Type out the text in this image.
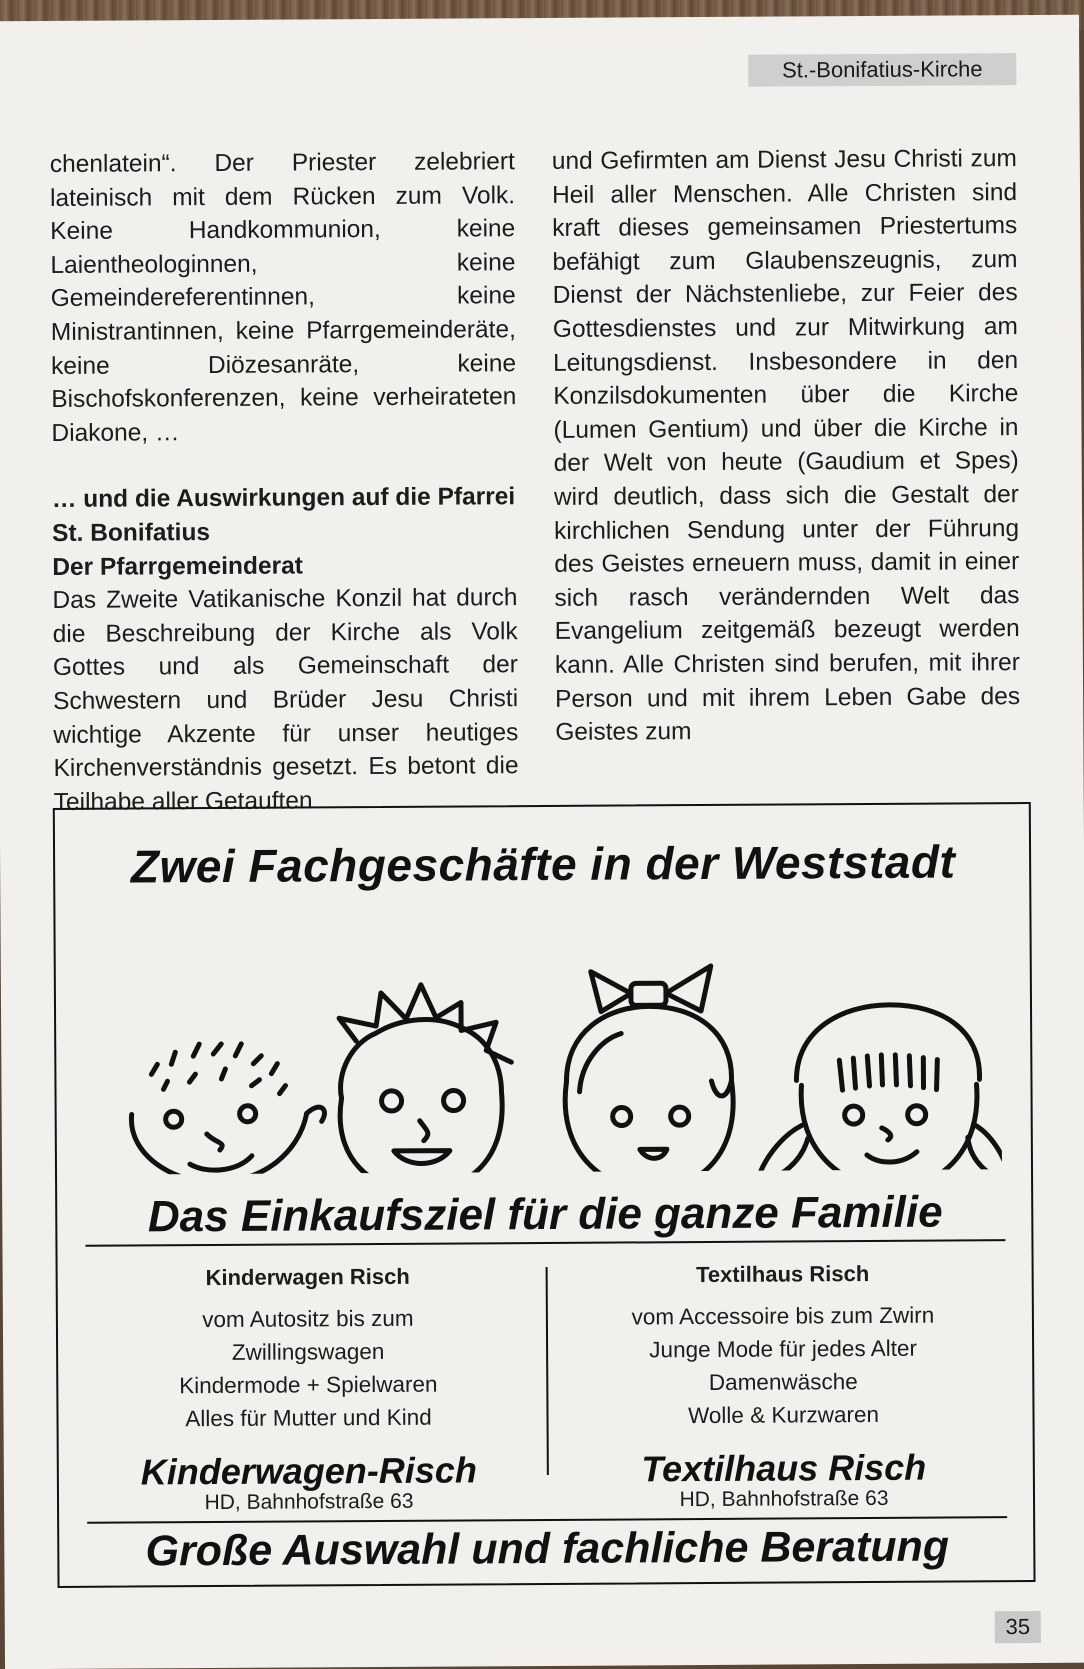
St.-Bonifatius-Kirche

chenlatein“. Der Priester zelebriert lateinisch mit dem Rücken zum Volk. Keine Handkommunion, keine Laientheologinnen, keine Gemeindereferentinnen, keine Ministrantinnen, keine Pfarrgemeinderäte, keine Diözesanräte, keine Bischofskonferenzen, keine verheirateten Diakone, …

… und die Auswirkungen auf die Pfarrei St. Bonifatius
Der Pfarrgemeinderat

Das Zweite Vatikanische Konzil hat durch die Beschreibung der Kirche als Volk Gottes und als Gemeinschaft der Schwestern und Brüder Jesu Christi wichtige Akzente für unser heutiges Kirchenverständnis gesetzt. Es betont die Teilhabe aller Getauften

und Gefirmten am Dienst Jesu Christi zum Heil aller Menschen. Alle Christen sind kraft dieses gemeinsamen Priestertums befähigt zum Glaubenszeugnis, zum Dienst der Nächstenliebe, zur Feier des Gottesdienstes und zur Mitwirkung am Leitungsdienst. Insbesondere in den Konzilsdokumenten über die Kirche (Lumen Gentium) und über die Kirche in der Welt von heute (Gaudium et Spes) wird deutlich, dass sich die Gestalt der kirchlichen Sendung unter der Führung des Geistes erneuern muss, damit in einer sich rasch verändernden Welt das Evangelium zeitgemäß bezeugt werden kann. Alle Christen sind berufen, mit ihrer Person und mit ihrem Leben Gabe des Geistes zum

Zwei Fachgeschäfte in der Weststadt
Das Einkaufsziel für die ganze Familie
Kinderwagen Risch
vom Autositz bis zum
Zwillingswagen
Kindermode + Spielwaren
Alles für Mutter und Kind
Kinderwagen-Risch
HD, Bahnhofstraße 63
Textilhaus Risch
vom Accessoire bis zum Zwirn
Junge Mode für jedes Alter
Damenwäsche
Wolle & Kurzwaren
Textilhaus Risch
HD, Bahnhofstraße 63
Große Auswahl und fachliche Beratung
35
